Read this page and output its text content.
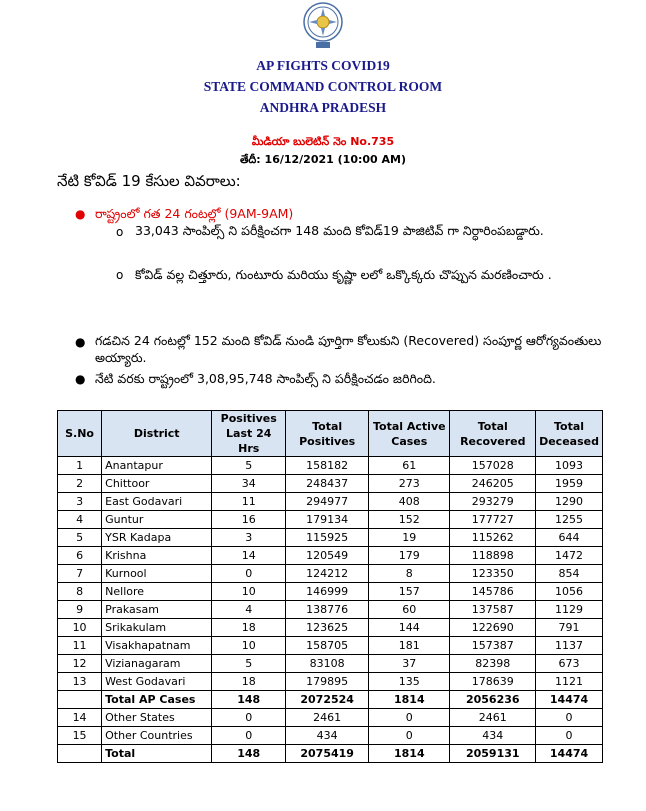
AP FIGHTS COVID19
STATE COMMAND CONTROL ROOM
ANDHRA PRADESH
మీడియా బులెటిన్ నెం No.735
తేదీ: 16/12/2021 (10:00 AM)
నేటి కోవిడ్ 19 కేసుల వివరాలు:
● రాష్ట్రంలో గత 24 గంటల్లో (9AM-9AM)
o 33,043 సాంపిల్స్ ని పరీక్షించగా 148 మంది కోవిడ్19 పాజిటివ్ గా నిర్ధారింపబడ్డారు.
o కోవిడ్ వల్ల చిత్తూరు, గుంటూరు మరియు కృష్ణా లలో ఒక్కొక్కరు చొప్పున మరణించారు .
● గడచిన 24 గంటల్లో 152 మంది కోవిడ్ నుండి పూర్తిగా కోలుకుని (Recovered) సంపూర్ణ ఆరోగ్యవంతులు అయ్యారు.
● నేటి వరకు రాష్ట్రంలో 3,08,95,748 సాంపిల్స్ ని పరీక్షించడం జరిగింది.
S.No	District	Positives Last 24 Hrs	Total Positives	Total Active Cases	Total Recovered	Total Deceased
1	Anantapur	5	158182	61	157028	1093
2	Chittoor	34	248437	273	246205	1959
3	East Godavari	11	294977	408	293279	1290
4	Guntur	16	179134	152	177727	1255
5	YSR Kadapa	3	115925	19	115262	644
6	Krishna	14	120549	179	118898	1472
7	Kurnool	0	124212	8	123350	854
8	Nellore	10	146999	157	145786	1056
9	Prakasam	4	138776	60	137587	1129
10	Srikakulam	18	123625	144	122690	791
11	Visakhapatnam	10	158705	181	157387	1137
12	Vizianagaram	5	83108	37	82398	673
13	West Godavari	18	179895	135	178639	1121
	Total AP Cases	148	2072524	1814	2056236	14474
14	Other States	0	2461	0	2461	0
15	Other Countries	0	434	0	434	0
	Total	148	2075419	1814	2059131	14474
